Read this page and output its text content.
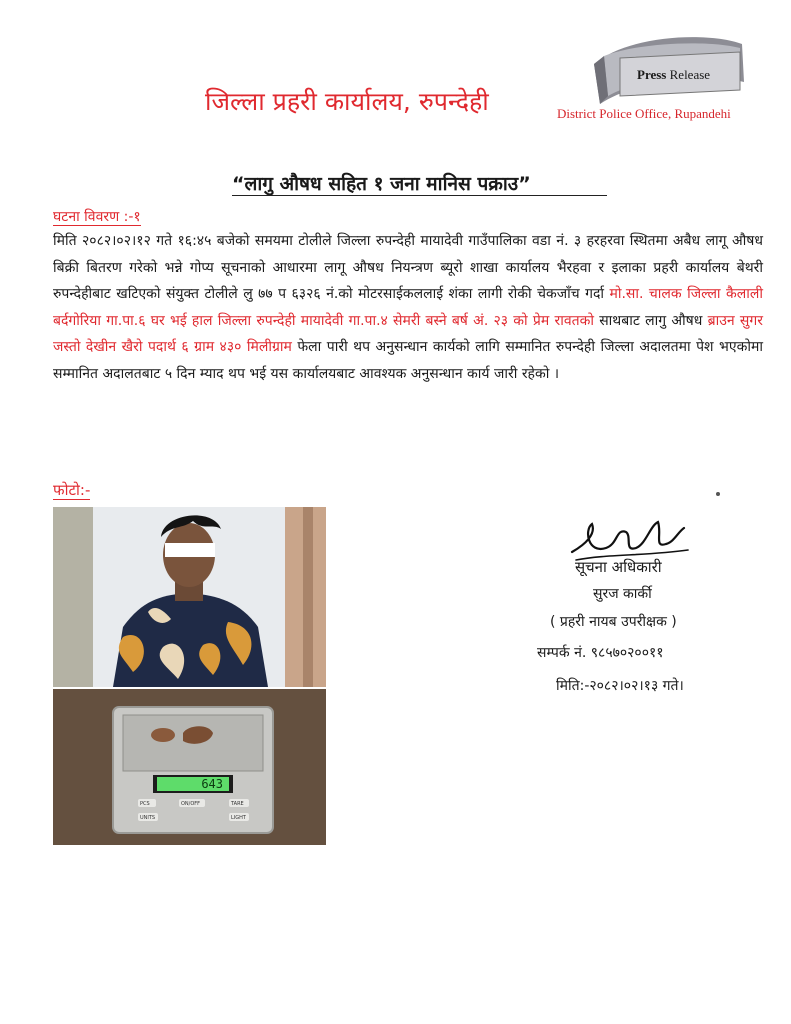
जिल्ला प्रहरी कार्यालय, रुपन्देही
Press Release
District Police Office, Rupandehi
“लागु औषध सहित १ जना मानिस पक्राउ”
घटना विवरण :-१
मिति २०८२।०२।१२ गते १६:४५ बजेको समयमा टोलीले जिल्ला रुपन्देही मायादेवी गाउँपालिका वडा नं. ३ हरहरवा स्थितमा अबैध लागू औषध बिक्री बितरण गरेको भन्ने गोप्य सूचनाको आधारमा लागू औषध नियन्त्रण ब्यूरो शाखा कार्यालय भैरहवा र इलाका प्रहरी कार्यालय बेथरी रुपन्देहीबाट खटिएको संयुक्त टोलीले लु ७७ प ६३२६ नं.को मोटरसाईकललाई शंका लागी रोकी चेकजाँच गर्दा मो.सा. चालक जिल्ला कैलाली बर्दगोरिया गा.पा.६ घर भई हाल जिल्ला रुपन्देही मायादेवी गा.पा.४ सेमरी बस्ने बर्ष अं. २३ को प्रेम रावतको साथबाट लागु औषध ब्राउन सुगर जस्तो देखीन खैरो पदार्थ ६ ग्राम ४३० मिलीग्राम फेला पारी थप अनुसन्धान कार्यको लागि सम्मानित रुपन्देही जिल्ला अदालतमा पेश भएकोमा सम्मानित अदालतबाट ५ दिन म्याद थप भई यस कार्यालयबाट आवश्यक अनुसन्धान कार्य जारी रहेको ।
फोटो:-
643
PCS	ON/OFF	TARE
UNITS	LIGHT
सूचना अधिकारी
सुरज कार्की
( प्रहरी नायब उपरीक्षक )
सम्पर्क नं. ९८५७०२००११
मिति:-२०८२।०२।१३ गते।
